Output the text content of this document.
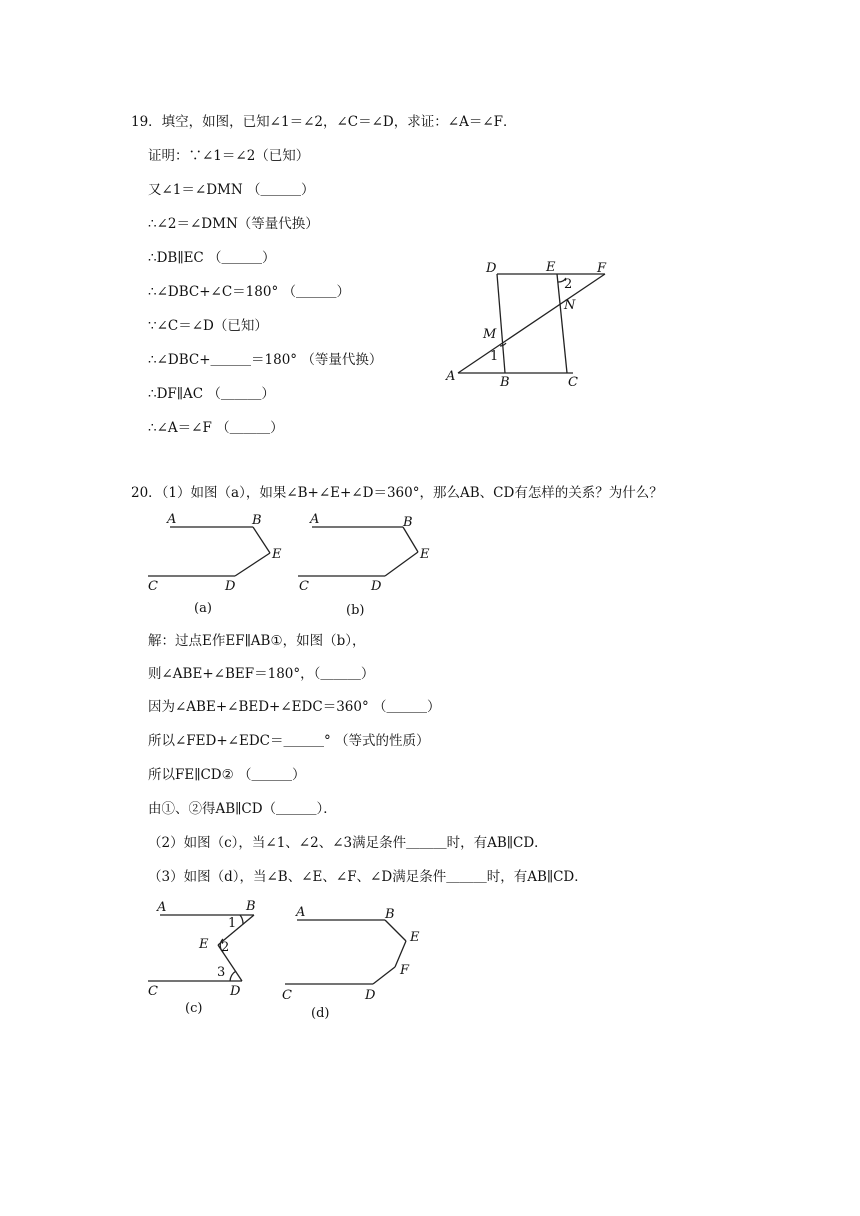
19．填空，如图，已知∠1＝∠2，∠C＝∠D，求证：∠A＝∠F．
证明：∵∠1＝∠2（已知）
又∠1＝∠DMN （＿＿＿）
∴∠2＝∠DMN（等量代换）
∴DB∥EC （＿＿＿）
∴∠DBC+∠C＝180° （＿＿＿）
∵∠C＝∠D（已知）
∴∠DBC+＿＿＿＝180° （等量代换）
∴DF∥AC （＿＿＿）
∴∠A＝∠F （＿＿＿）
D	E	F
N
M
A	B	C
1
2
20．（1）如图（a），如果∠B+∠E+∠D＝360°，那么AB、CD有怎样的关系？为什么？
A	B
E
C	D
(a)
A	B
E
C	D
(b)
解：过点E作EF∥AB①，如图（b），
则∠ABE+∠BEF＝180°，（＿＿＿）
因为∠ABE+∠BED+∠EDC＝360° （＿＿＿）
所以∠FED+∠EDC＝＿＿＿° （等式的性质）
所以FE∥CD② （＿＿＿）
由①、②得AB∥CD（＿＿＿）．
（2）如图（c），当∠1、∠2、∠3满足条件＿＿＿时，有AB∥CD．
（3）如图（d），当∠B、∠E、∠F、∠D满足条件＿＿＿时，有AB∥CD．
A	B
1
E 2
3
C	D
(c)
A	B
E
F
C	D
(d)
